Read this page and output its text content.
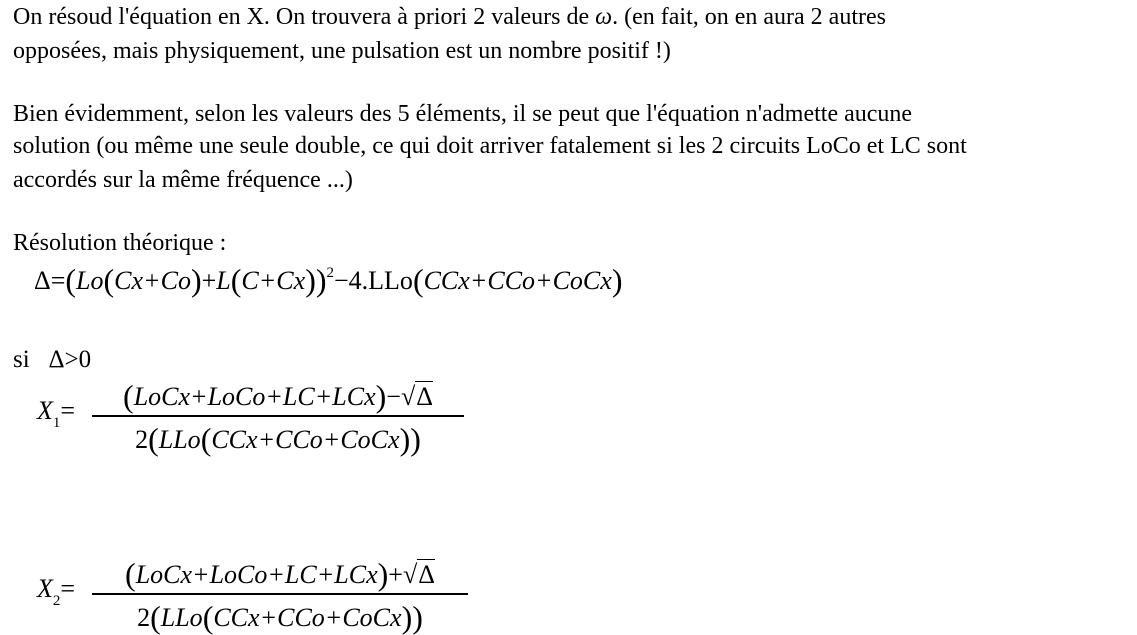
On résoud l'équation en X. On trouvera à priori 2 valeurs de ω. (en fait, on en aura 2 autres
opposées, mais physiquement, une pulsation est un nombre positif !)
Bien évidemment, selon les valeurs des 5 éléments, il se peut que l'équation n'admette aucune
solution (ou même une seule double, ce qui doit arriver fatalement si les 2 circuits LoCo et LC sont
accordés sur la même fréquence ...)
Résolution théorique :
$\Delta=(Lo(Cx+Co)+L(C+Cx))^2-4.LLo(CCx+CCo+CoCx)$
si Δ>0
$X_1=$	(LoCx+LoCo+LC+LCx)−√Δ
2(LLo(CCx+CCo+CoCx))
$X_2=$	(LoCx+LoCo+LC+LCx)+√Δ
2(LLo(CCx+CCo+CoCx))
